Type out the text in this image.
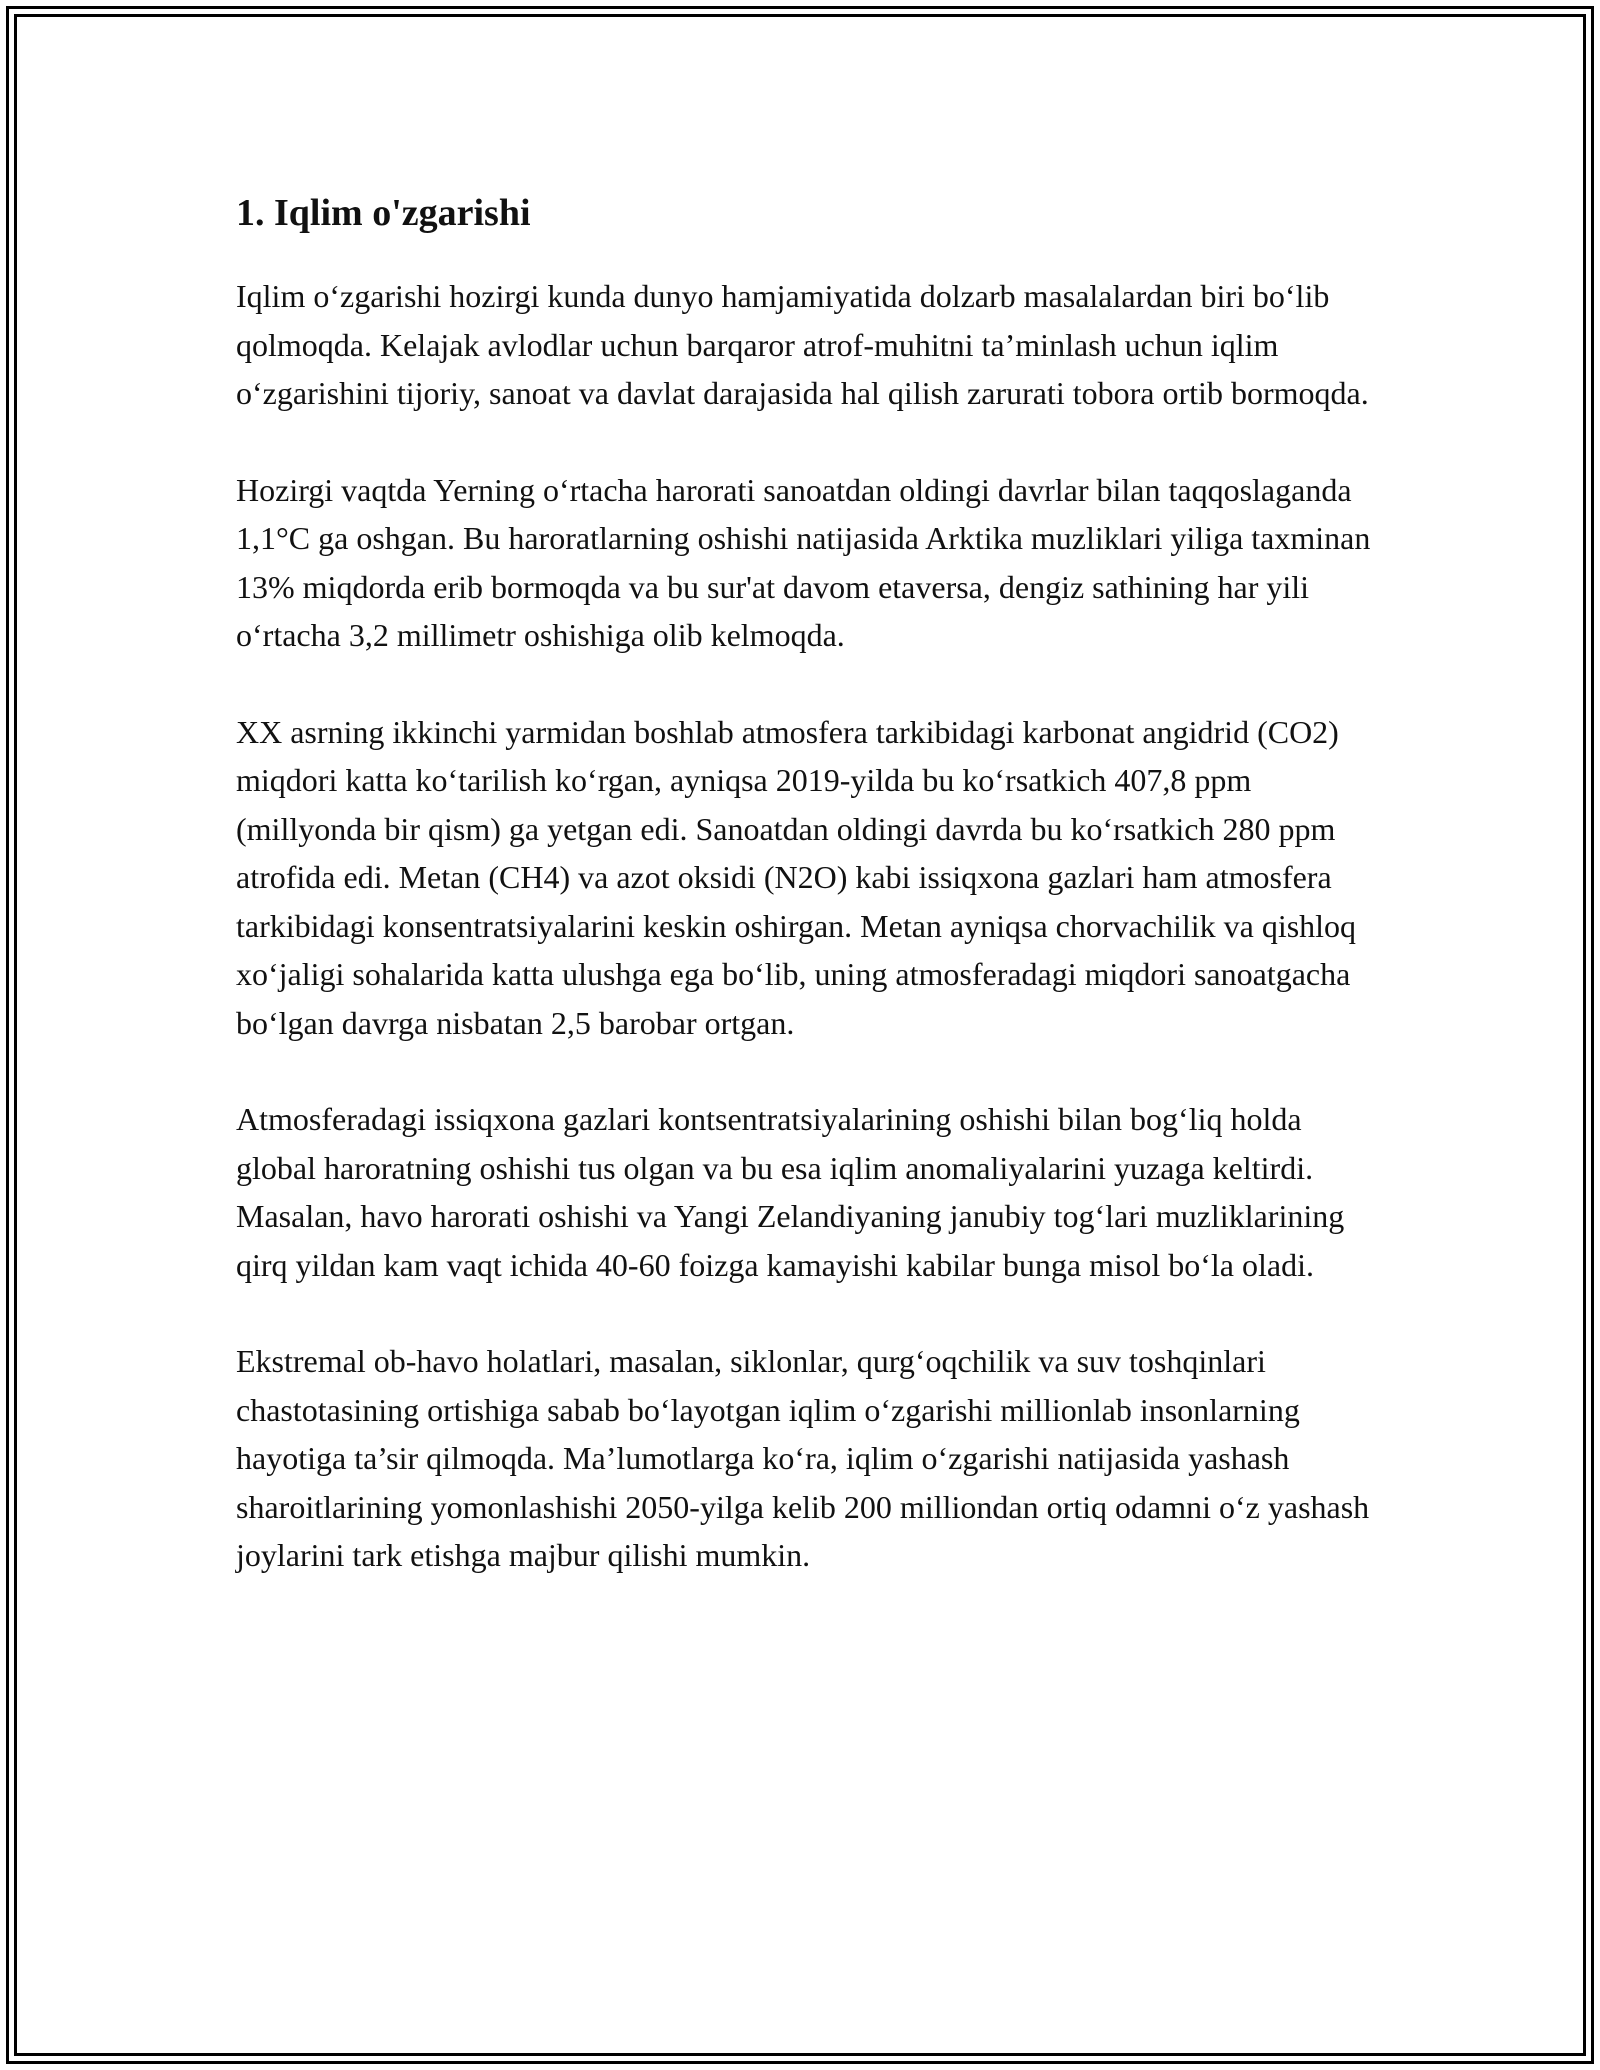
1. Iqlim o'zgarishi

Iqlim o‘zgarishi hozirgi kunda dunyo hamjamiyatida dolzarb masalalardan biri bo‘lib qolmoqda. Kelajak avlodlar uchun barqaror atrof-muhitni ta’minlash uchun iqlim o‘zgarishini tijoriy, sanoat va davlat darajasida hal qilish zarurati tobora ortib bormoqda.

Hozirgi vaqtda Yerning o‘rtacha harorati sanoatdan oldingi davrlar bilan taqqoslaganda 1,1°C ga oshgan. Bu haroratlarning oshishi natijasida Arktika muzliklari yiliga taxminan 13% miqdorda erib bormoqda va bu sur'at davom etaversa, dengiz sathining har yili o‘rtacha 3,2 millimetr oshishiga olib kelmoqda.

XX asrning ikkinchi yarmidan boshlab atmosfera tarkibidagi karbonat angidrid (CO2) miqdori katta ko‘tarilish ko‘rgan, ayniqsa 2019-yilda bu ko‘rsatkich 407,8 ppm (millyonda bir qism) ga yetgan edi. Sanoatdan oldingi davrda bu ko‘rsatkich 280 ppm atrofida edi. Metan (CH4) va azot oksidi (N2O) kabi issiqxona gazlari ham atmosfera tarkibidagi konsentratsiyalarini keskin oshirgan. Metan ayniqsa chorvachilik va qishloq xo‘jaligi sohalarida katta ulushga ega bo‘lib, uning atmosferadagi miqdori sanoatgacha bo‘lgan davrga nisbatan 2,5 barobar ortgan.

Atmosferadagi issiqxona gazlari kontsentratsiyalarining oshishi bilan bog‘liq holda global haroratning oshishi tus olgan va bu esa iqlim anomaliyalarini yuzaga keltirdi. Masalan, havo harorati oshishi va Yangi Zelandiyaning janubiy tog‘lari muzliklarining qirq yildan kam vaqt ichida 40-60 foizga kamayishi kabilar bunga misol bo‘la oladi.

Ekstremal ob-havo holatlari, masalan, siklonlar, qurg‘oqchilik va suv toshqinlari chastotasining ortishiga sabab bo‘layotgan iqlim o‘zgarishi millionlab insonlarning hayotiga ta’sir qilmoqda. Ma’lumotlarga ko‘ra, iqlim o‘zgarishi natijasida yashash sharoitlarining yomonlashishi 2050-yilga kelib 200 milliondan ortiq odamni o‘z yashash joylarini tark etishga majbur qilishi mumkin.
